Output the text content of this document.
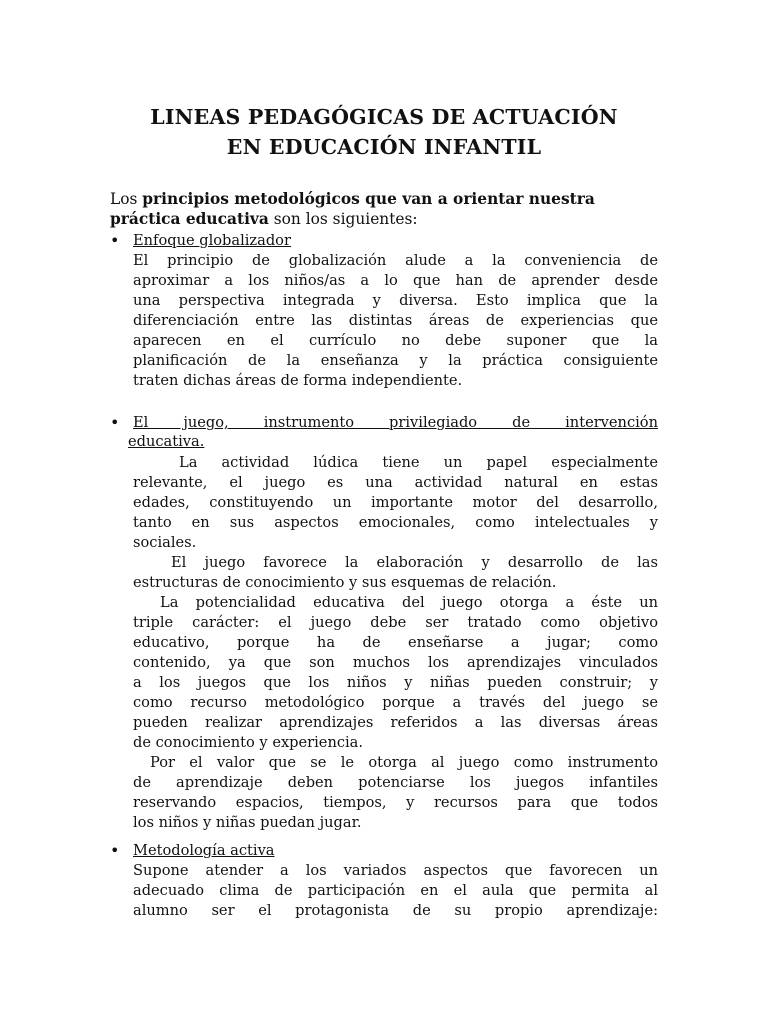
LINEAS PEDAGÓGICAS DE ACTUACIÓN
EN EDUCACIÓN INFANTIL
Los principios metodológicos que van a orientar nuestra práctica educativa son los siguientes:
• Enfoque globalizador
El principio de globalización alude a la conveniencia de
aproximar a los niños/as a lo que han de aprender desde
una perspectiva integrada y diversa. Esto implica que la
diferenciación entre las distintas áreas de experiencias que
aparecen en el currículo no debe suponer que la
planificación de la enseñanza y la práctica consiguiente
traten dichas áreas de forma independiente.
• El juego, instrumento privilegiado de intervención
educativa.
La actividad lúdica tiene un papel especialmente
relevante, el juego es una actividad natural en estas
edades, constituyendo un importante motor del desarrollo,
tanto en sus aspectos emocionales, como intelectuales y
sociales.
El juego favorece la elaboración y desarrollo de las
estructuras de conocimiento y sus esquemas de relación.
La potencialidad educativa del juego otorga a éste un
triple carácter: el juego debe ser tratado como objetivo
educativo, porque ha de enseñarse a jugar; como
contenido, ya que son muchos los aprendizajes vinculados
a los juegos que los niños y niñas pueden construir; y
como recurso metodológico porque a través del juego se
pueden realizar aprendizajes referidos a las diversas áreas
de conocimiento y experiencia.
Por el valor que se le otorga al juego como instrumento
de aprendizaje deben potenciarse los juegos infantiles
reservando espacios, tiempos, y recursos para que todos
los niños y niñas puedan jugar.
• Metodología activa
Supone atender a los variados aspectos que favorecen un
adecuado clima de participación en el aula que permita al
alumno ser el protagonista de su propio aprendizaje:
